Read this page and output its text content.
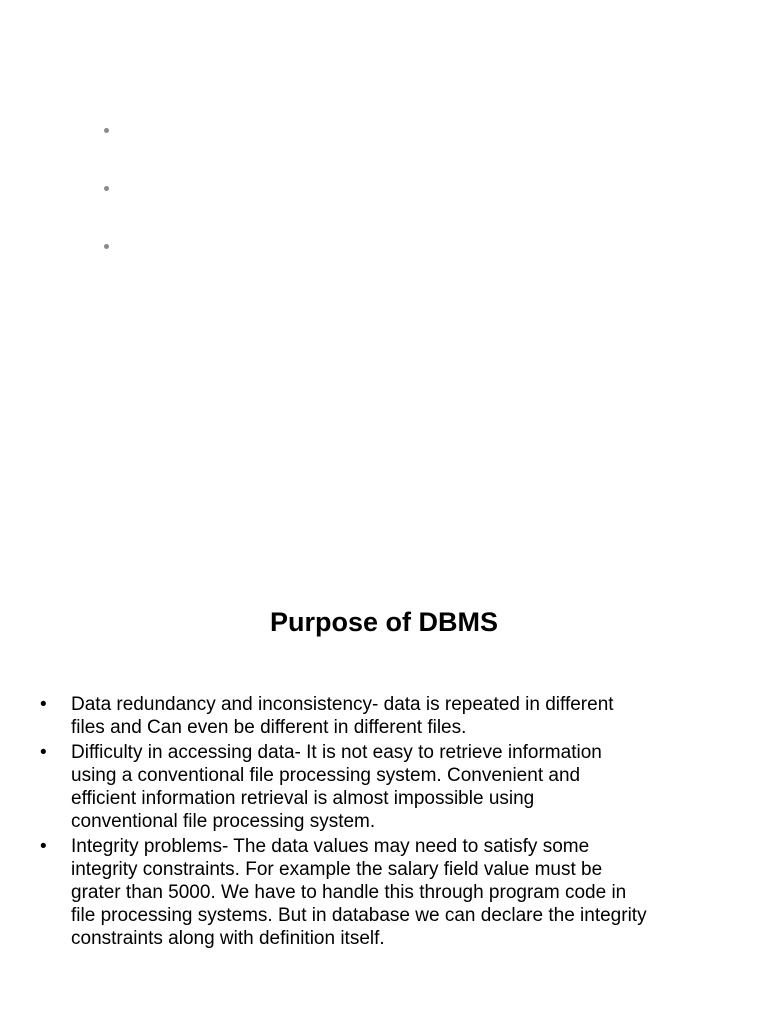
Purpose of DBMS
• Data redundancy and inconsistency- data is repeated in different
files and Can even be different in different files.
• Difficulty in accessing data- It is not easy to retrieve information
using a conventional file processing system. Convenient and
efficient information retrieval is almost impossible using
conventional file processing system.
• Integrity problems- The data values may need to satisfy some
integrity constraints. For example the salary field value must be
grater than 5000. We have to handle this through program code in
file processing systems. But in database we can declare the integrity
constraints along with definition itself.
